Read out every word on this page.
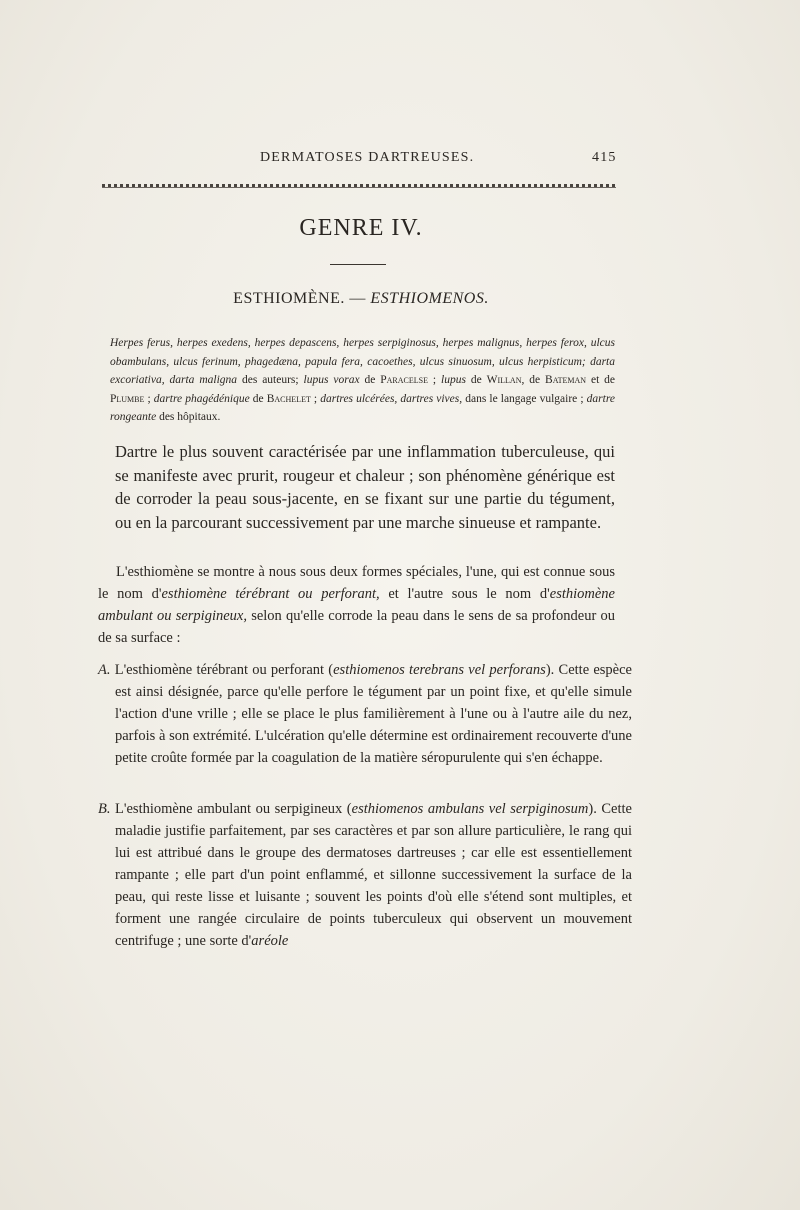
DERMATOSES DARTREUSES.	415
GENRE IV.
ESTHIOMÈNE. — ESTHIOMENOS.
Herpes ferus, herpes exedens, herpes depascens, herpes serpiginosus, herpes malignus, herpes ferox, ulcus obambulans, ulcus ferinum, phagedæna, papula fera, cacoethes, ulcus sinuosum, ulcus herpisticum; darta excoriativa, darta maligna des auteurs; lupus vorax de Paracelse ; lupus de Willan, de Bateman et de Plumbe ; dartre phagédénique de Bachelet ; dartres ulcérées, dartres vives, dans le langage vulgaire ; dartre rongeante des hôpitaux.
Dartre le plus souvent caractérisée par une inflammation tuberculeuse, qui se manifeste avec prurit, rougeur et chaleur ; son phénomène générique est de corroder la peau sous-jacente, en se fixant sur une partie du tégument, ou en la parcourant successivement par une marche sinueuse et rampante.
L'esthiomène se montre à nous sous deux formes spéciales, l'une, qui est connue sous le nom d'esthiomène térébrant ou perforant, et l'autre sous le nom d'esthiomène ambulant ou serpigineux, selon qu'elle corrode la peau dans le sens de sa profondeur ou de sa surface :
A. L'esthiomène térébrant ou perforant (esthiomenos terebrans vel perforans). Cette espèce est ainsi désignée, parce qu'elle perfore le tégument par un point fixe, et qu'elle simule l'action d'une vrille ; elle se place le plus familièrement à l'une ou à l'autre aile du nez, parfois à son extrémité. L'ulcération qu'elle détermine est ordinairement recouverte d'une petite croûte formée par la coagulation de la matière séropurulente qui s'en échappe.
B. L'esthiomène ambulant ou serpigineux (esthiomenos ambulans vel serpiginosum). Cette maladie justifie parfaitement, par ses caractères et par son allure particulière, le rang qui lui est attribué dans le groupe des dermatoses dartreuses ; car elle est essentiellement rampante ; elle part d'un point enflammé, et sillonne successivement la surface de la peau, qui reste lisse et luisante ; souvent les points d'où elle s'étend sont multiples, et forment une rangée circulaire de points tuberculeux qui observent un mouvement centrifuge ; une sorte d'aréole
